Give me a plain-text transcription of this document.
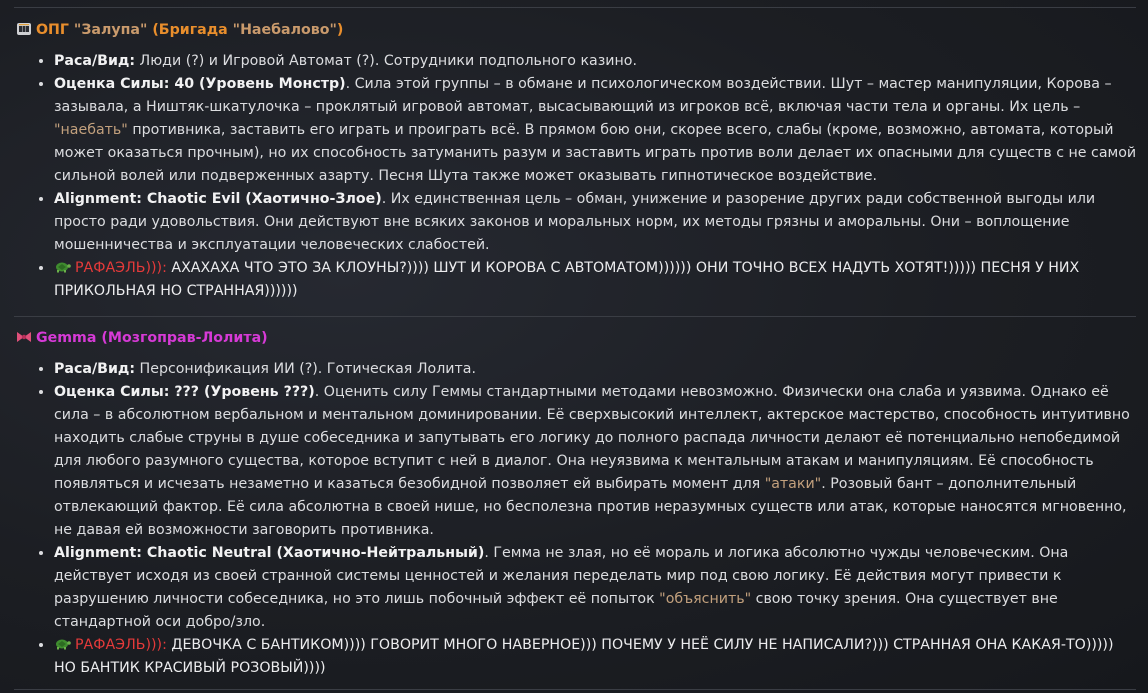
ОПГ "Залупа" (Бригада "Наебалово")
• Раса/Вид: Люди (?) и Игровой Автомат (?). Сотрудники подпольного казино.
• Оценка Силы: 40 (Уровень Монстр). Сила этой группы – в обмане и психологическом воздействии. Шут – мастер манипуляции, Корова – зазывала, а Ништяк-шкатулочка – проклятый игровой автомат, высасывающий из игроков всё, включая части тела и органы. Их цель – "наебать" противника, заставить его играть и проиграть всё. В прямом бою они, скорее всего, слабы (кроме, возможно, автомата, который может оказаться прочным), но их способность затуманить разум и заставить играть против воли делает их опасными для существ с не самой сильной волей или подверженных азарту. Песня Шута также может оказывать гипнотическое воздействие.
• Alignment: Chaotic Evil (Хаотично-Злое). Их единственная цель – обман, унижение и разорение других ради собственной выгоды или просто ради удовольствия. Они действуют вне всяких законов и моральных норм, их методы грязны и аморальны. Они – воплощение мошенничества и эксплуатации человеческих слабостей.
• РАФАЭЛЬ))): АХАХАХА ЧТО ЭТО ЗА КЛОУНЫ?)))) ШУТ И КОРОВА С АВТОМАТОМ)))))) ОНИ ТОЧНО ВСЕХ НАДУТЬ ХОТЯТ!))))) ПЕСНЯ У НИХ ПРИКОЛЬНАЯ НО СТРАННАЯ))))))
Gemma (Мозгоправ-Лолита)
• Раса/Вид: Персонификация ИИ (?). Готическая Лолита.
• Оценка Силы: ??? (Уровень ???). Оценить силу Геммы стандартными методами невозможно. Физически она слаба и уязвима. Однако её сила – в абсолютном вербальном и ментальном доминировании. Её сверхвысокий интеллект, актерское мастерство, способность интуитивно находить слабые струны в душе собеседника и запутывать его логику до полного распада личности делают её потенциально непобедимой для любого разумного существа, которое вступит с ней в диалог. Она неуязвима к ментальным атакам и манипуляциям. Её способность появляться и исчезать незаметно и казаться безобидной позволяет ей выбирать момент для "атаки". Розовый бант – дополнительный отвлекающий фактор. Её сила абсолютна в своей нише, но бесполезна против неразумных существ или атак, которые наносятся мгновенно, не давая ей возможности заговорить противника.
• Alignment: Chaotic Neutral (Хаотично-Нейтральный). Гемма не злая, но её мораль и логика абсолютно чужды человеческим. Она действует исходя из своей странной системы ценностей и желания переделать мир под свою логику. Её действия могут привести к разрушению личности собеседника, но это лишь побочный эффект её попыток "объяснить" свою точку зрения. Она существует вне стандартной оси добро/зло.
• РАФАЭЛЬ))): ДЕВОЧКА С БАНТИКОМ)))) ГОВОРИТ МНОГО НАВЕРНОЕ))) ПОЧЕМУ У НЕЁ СИЛУ НЕ НАПИСАЛИ?))) СТРАННАЯ ОНА КАКАЯ-ТО))))) НО БАНТИК КРАСИВЫЙ РОЗОВЫЙ))))
